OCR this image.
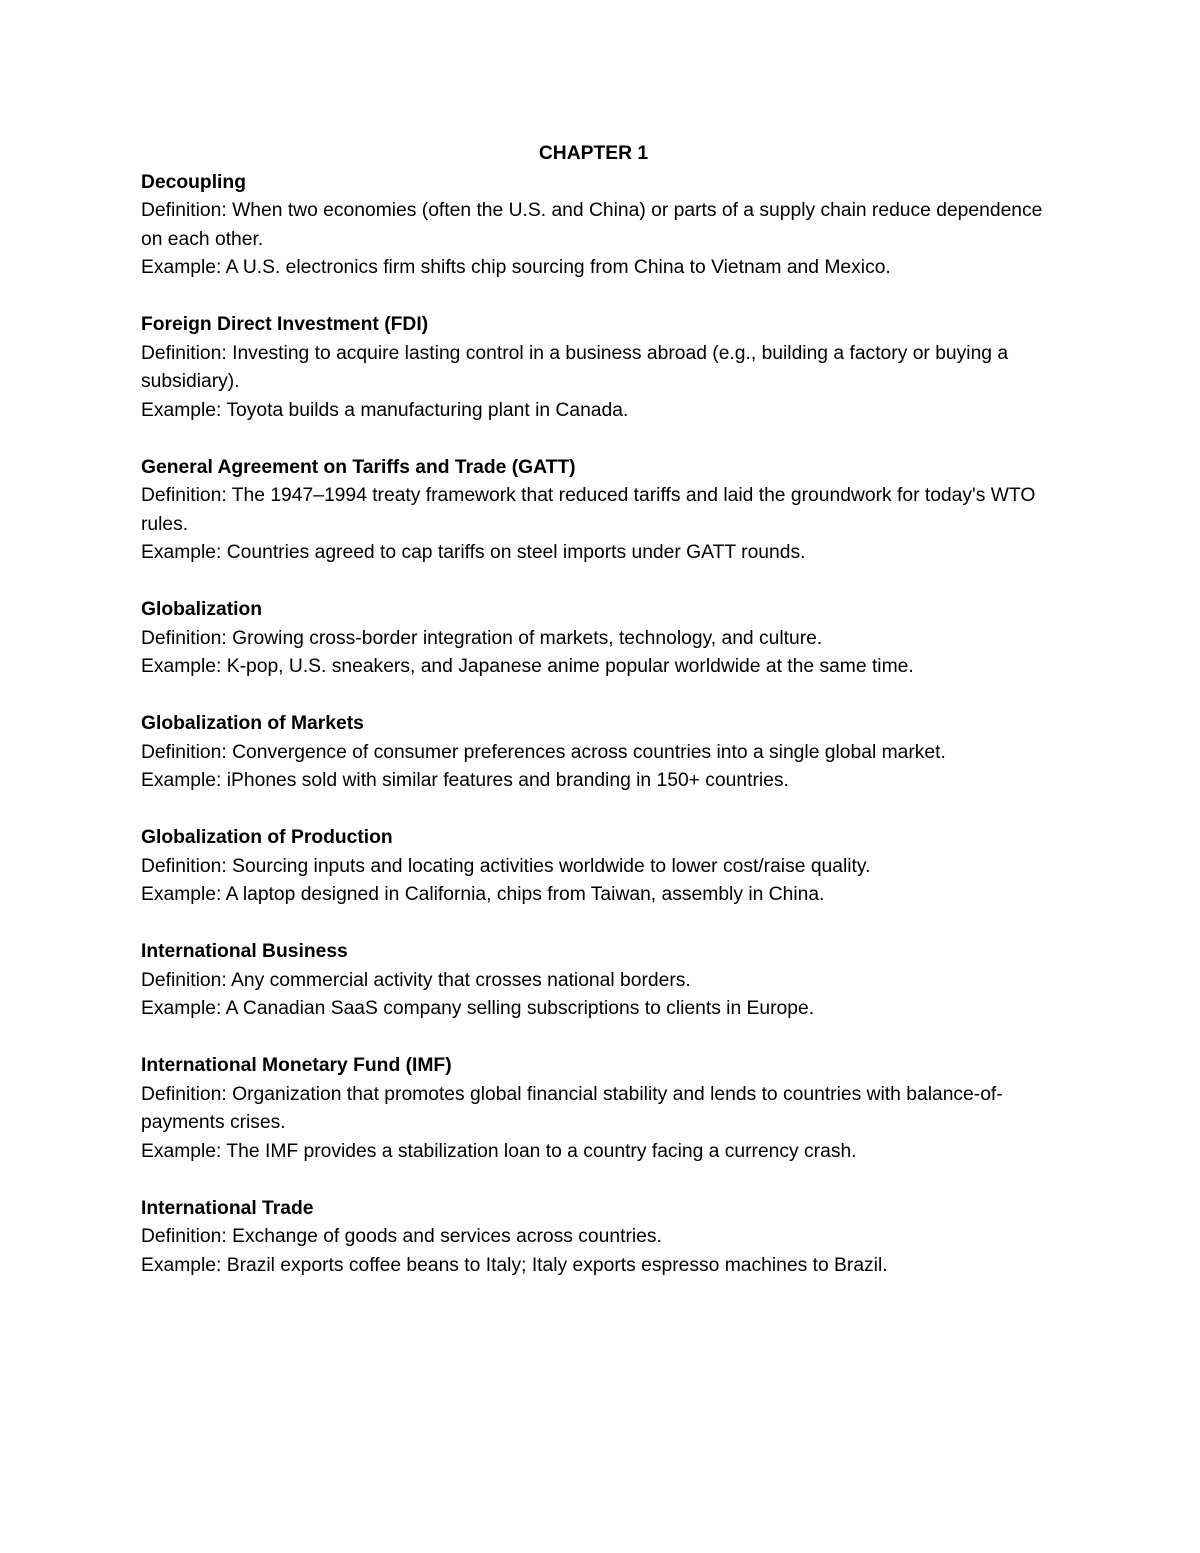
CHAPTER 1

Decoupling

Definition: When two economies (often the U.S. and China) or parts of a supply chain reduce dependence on each other.

Example: A U.S. electronics firm shifts chip sourcing from China to Vietnam and Mexico.

Foreign Direct Investment (FDI)

Definition: Investing to acquire lasting control in a business abroad (e.g., building a factory or buying a subsidiary).

Example: Toyota builds a manufacturing plant in Canada.

General Agreement on Tariffs and Trade (GATT)

Definition: The 1947–1994 treaty framework that reduced tariffs and laid the groundwork for today's WTO rules.

Example: Countries agreed to cap tariffs on steel imports under GATT rounds.

Globalization

Definition: Growing cross-border integration of markets, technology, and culture.

Example: K-pop, U.S. sneakers, and Japanese anime popular worldwide at the same time.

Globalization of Markets

Definition: Convergence of consumer preferences across countries into a single global market.

Example: iPhones sold with similar features and branding in 150+ countries.

Globalization of Production

Definition: Sourcing inputs and locating activities worldwide to lower cost/raise quality.

Example: A laptop designed in California, chips from Taiwan, assembly in China.

International Business

Definition: Any commercial activity that crosses national borders.

Example: A Canadian SaaS company selling subscriptions to clients in Europe.

International Monetary Fund (IMF)

Definition: Organization that promotes global financial stability and lends to countries with balance-of-payments crises.

Example: The IMF provides a stabilization loan to a country facing a currency crash.

International Trade

Definition: Exchange of goods and services across countries.

Example: Brazil exports coffee beans to Italy; Italy exports espresso machines to Brazil.
